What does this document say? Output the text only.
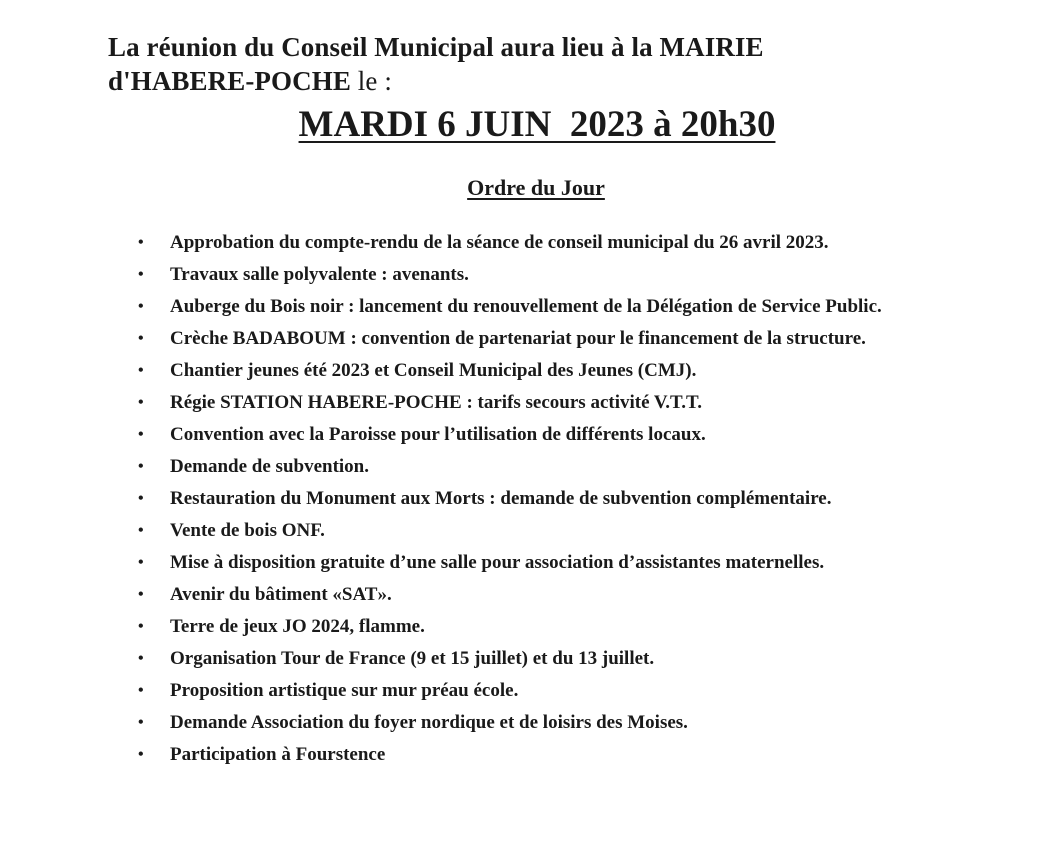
La réunion du Conseil Municipal aura lieu à la MAIRIE
d'HABERE-POCHE le :
MARDI 6 JUIN  2023 à 20h30
Ordre du Jour
• Approbation du compte-rendu de la séance de conseil municipal du 26 avril 2023.
• Travaux salle polyvalente : avenants.
• Auberge du Bois noir : lancement du renouvellement de la Délégation de Service Public.
• Crèche BADABOUM : convention de partenariat pour le financement de la structure.
• Chantier jeunes été 2023 et Conseil Municipal des Jeunes (CMJ).
• Régie STATION HABERE-POCHE : tarifs secours activité V.T.T.
• Convention avec la Paroisse pour l’utilisation de différents locaux.
• Demande de subvention.
• Restauration du Monument aux Morts : demande de subvention complémentaire.
• Vente de bois ONF.
• Mise à disposition gratuite d’une salle pour association d’assistantes maternelles.
• Avenir du bâtiment «SAT».
• Terre de jeux JO 2024, flamme.
• Organisation Tour de France (9 et 15 juillet) et du 13 juillet.
• Proposition artistique sur mur préau école.
• Demande Association du foyer nordique et de loisirs des Moises.
• Participation à Fourstence
